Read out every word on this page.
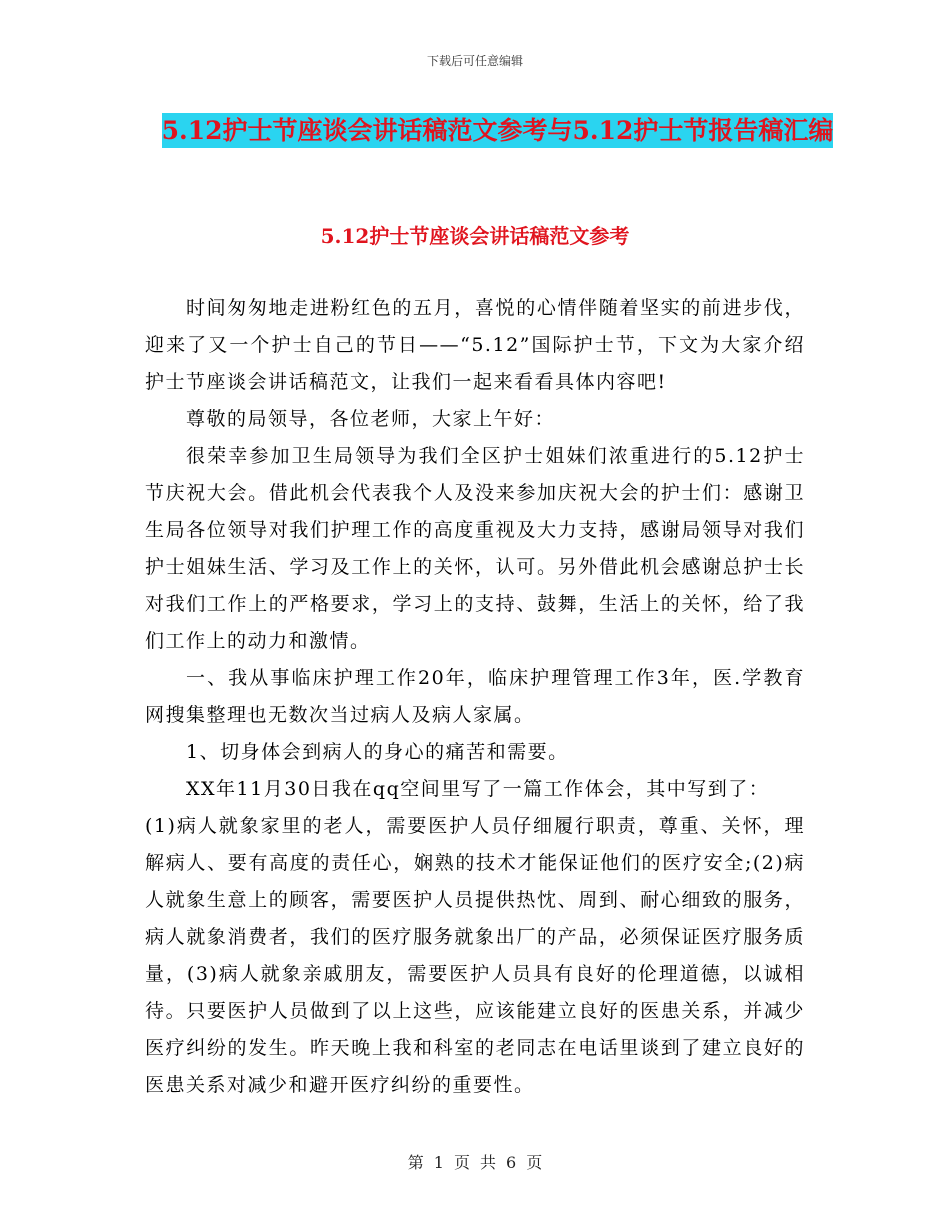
下载后可任意编辑
5.12护士节座谈会讲话稿范文参考与5.12护士节报告稿汇编
5.12护士节座谈会讲话稿范文参考

时间匆匆地走进粉红色的五月，喜悦的心情伴随着坚实的前进步伐，迎来了又一个护士自己的节日——“5.12”国际护士节，下文为大家介绍护士节座谈会讲话稿范文，让我们一起来看看具体内容吧!

尊敬的局领导，各位老师，大家上午好：

很荣幸参加卫生局领导为我们全区护士姐妹们浓重进行的5.12护士节庆祝大会。借此机会代表我个人及没来参加庆祝大会的护士们：感谢卫生局各位领导对我们护理工作的高度重视及大力支持，感谢局领导对我们护士姐妹生活、学习及工作上的关怀，认可。另外借此机会感谢总护士长对我们工作上的严格要求，学习上的支持、鼓舞，生活上的关怀，给了我们工作上的动力和激情。

一、我从事临床护理工作20年，临床护理管理工作3年，医.学教育网搜集整理也无数次当过病人及病人家属。

1、切身体会到病人的身心的痛苦和需要。

XX年11月30日我在qq空间里写了一篇工作体会，其中写到了：

(1)病人就象家里的老人，需要医护人员仔细履行职责，尊重、关怀，理解病人、要有高度的责任心，娴熟的技术才能保证他们的医疗安全;(2)病人就象生意上的顾客，需要医护人员提供热忱、周到、耐心细致的服务，病人就象消费者，我们的医疗服务就象出厂的产品，必须保证医疗服务质量，(3)病人就象亲戚朋友，需要医护人员具有良好的伦理道德，以诚相待。只要医护人员做到了以上这些，应该能建立良好的医患关系，并减少医疗纠纷的发生。昨天晚上我和科室的老同志在电话里谈到了建立良好的医患关系对减少和避开医疗纠纷的重要性。

第 1 页 共 6 页
